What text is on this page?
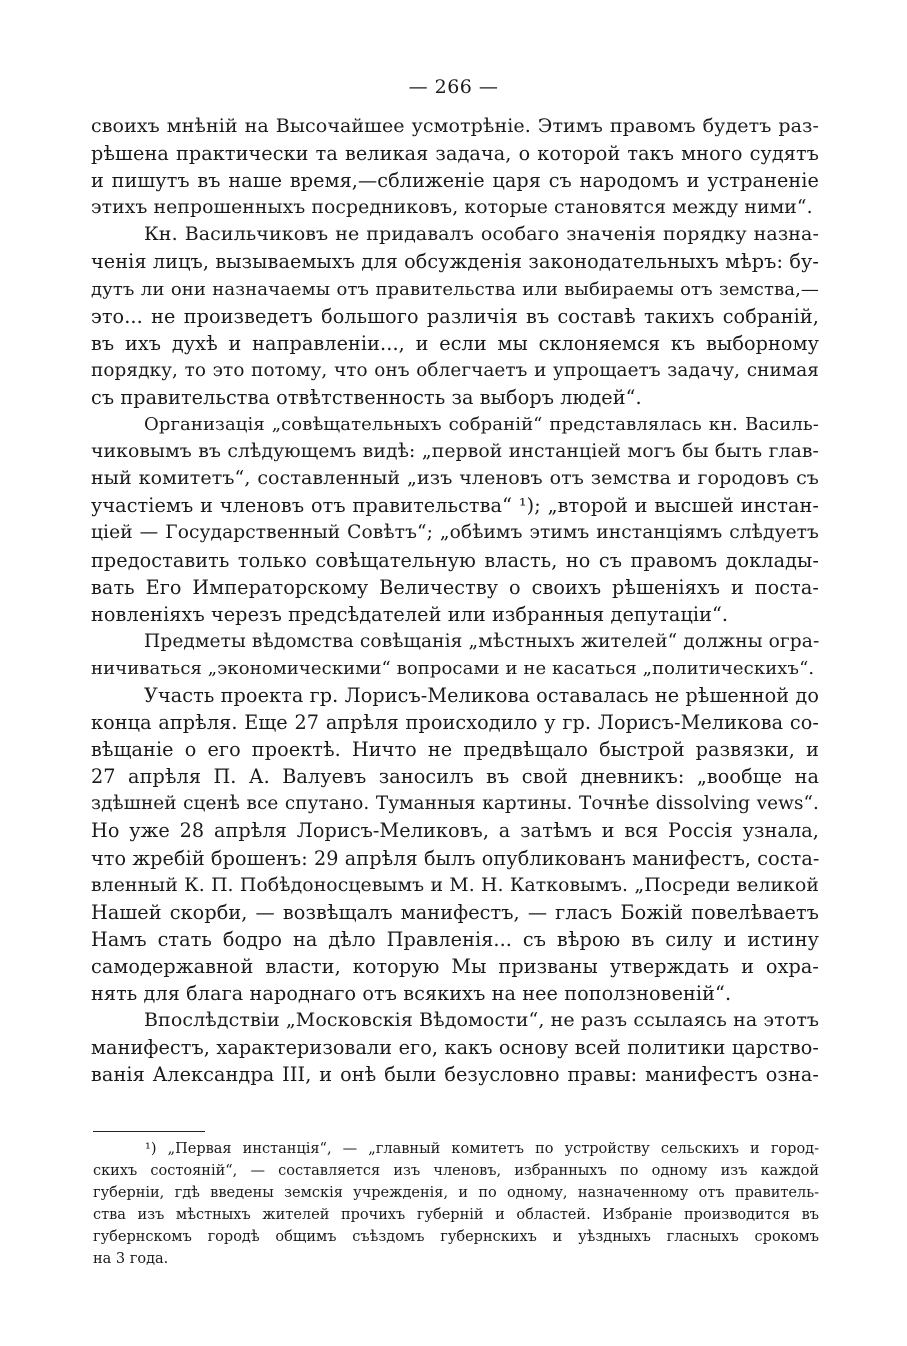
— 266 —
своихъ мнѣній на Высочайшее усмотрѣніе. Этимъ правомъ будетъ раз-
рѣшена практически та великая задача, о которой такъ много судятъ
и пишутъ въ наше время,—сближеніе царя съ народомъ и устраненіе
этихъ непрошенныхъ посредниковъ, которые становятся между ними“.
Кн. Васильчиковъ не придавалъ особаго значенія порядку назна-
ченія лицъ, вызываемыхъ для обсужденія законодательныхъ мѣръ: бу-
дутъ ли они назначаемы отъ правительства или выбираемы отъ земства,—
это... не произведетъ большого различія въ составѣ такихъ собраній,
въ ихъ духѣ и направленіи..., и если мы склоняемся къ выборному
порядку, то это потому, что онъ облегчаетъ и упрощаетъ задачу, снимая
съ правительства отвѣтственность за выборъ людей“.
Организація „совѣщательныхъ собраній“ представлялась кн. Василь-
чиковымъ въ слѣдующемъ видѣ: „первой инстанціей могъ бы быть глав-
ный комитетъ“, составленный „изъ членовъ отъ земства и городовъ съ
участіемъ и членовъ отъ правительства“ ¹); „второй и высшей инстан-
ціей — Государственный Совѣтъ“; „обѣимъ этимъ инстанціямъ слѣдуетъ
предоставить только совѣщательную власть, но съ правомъ доклады-
вать Его Императорскому Величеству о своихъ рѣшеніяхъ и поста-
новленіяхъ черезъ предсѣдателей или избранныя депутаціи“.
Предметы вѣдомства совѣщанія „мѣстныхъ жителей“ должны огра-
ничиваться „экономическими“ вопросами и не касаться „политическихъ“.
Участь проекта гр. Лорисъ-Меликова оставалась не рѣшенной до
конца апрѣля. Еще 27 апрѣля происходило у гр. Лорисъ-Меликова со-
вѣщаніе о его проектѣ. Ничто не предвѣщало быстрой развязки, и
27 апрѣля П. А. Валуевъ заносилъ въ свой дневникъ: „вообще на
здѣшней сценѣ все спутано. Туманныя картины. Точнѣе dissolving vews“.
Но уже 28 апрѣля Лорисъ-Меликовъ, а затѣмъ и вся Россія узнала,
что жребій брошенъ: 29 апрѣля былъ опубликованъ манифестъ, соста-
вленный К. П. Побѣдоносцевымъ и М. Н. Катковымъ. „Посреди великой
Нашей скорби, — возвѣщалъ манифестъ, — гласъ Божій повелѣваетъ
Намъ стать бодро на дѣло Правленія... съ вѣрою въ силу и истину
самодержавной власти, которую Мы призваны утверждать и охра-
нять для блага народнаго отъ всякихъ на нее поползновеній“.
Впослѣдствіи „Московскія Вѣдомости“, не разъ ссылаясь на этотъ
манифестъ, характеризовали его, какъ основу всей политики царство-
ванія Александра III, и онѣ были безусловно правы: манифестъ озна-
¹) „Первая инстанція“, — „главный комитетъ по устройству сельскихъ и город-
скихъ состояній“, — составляется изъ членовъ, избранныхъ по одному изъ каждой
губерніи, гдѣ введены земскія учрежденія, и по одному, назначенному отъ правитель-
ства изъ мѣстныхъ жителей прочихъ губерній и областей. Избраніе производится въ
губернскомъ городѣ общимъ съѣздомъ губернскихъ и уѣздныхъ гласныхъ срокомъ
на 3 года.
